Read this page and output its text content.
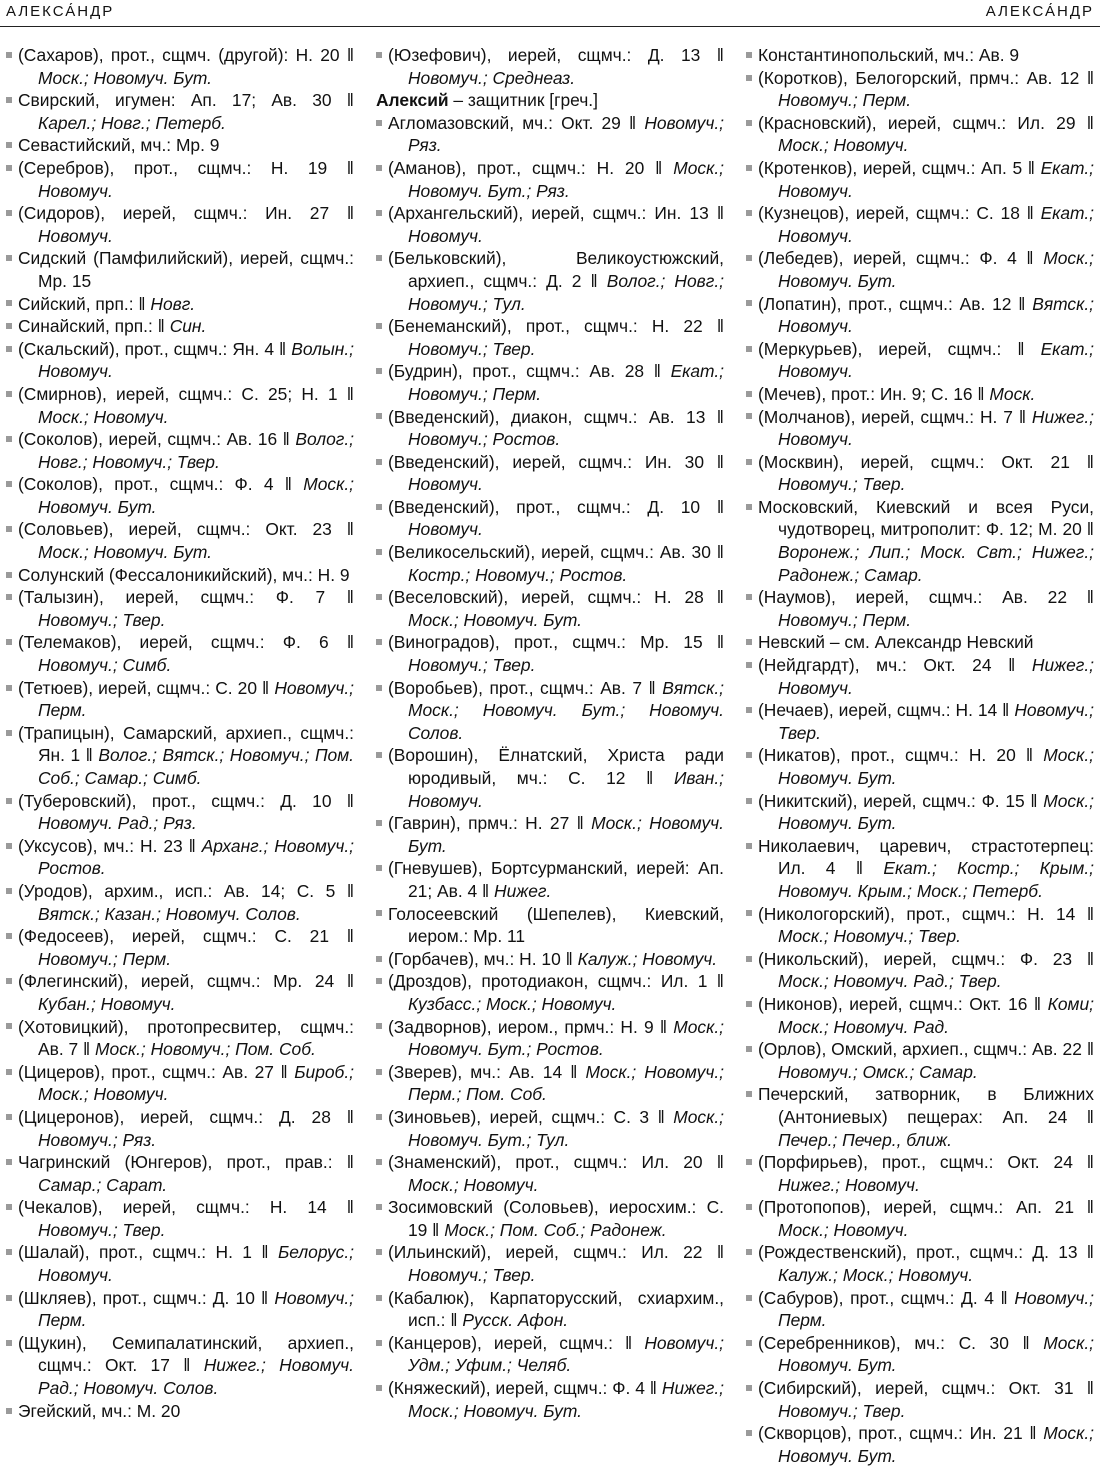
АЛЕКСА́НДР	АЛЕКСА́НДР

(Сахаров), прот., сщмч. (другой): Н. 20 ‖ Моск.; Новомуч. Бут.

Свирский, игумен: Ап. 17; Ав. 30 ‖ Карел.; Новг.; Петерб.

Севастийский, мч.: Мр. 9

(Серебров), прот., сщмч.: Н. 19 ‖ Новомуч.

(Сидоров), иерей, сщмч.: Ин. 27 ‖ Новомуч.

Сидский (Памфилийский), иерей, сщмч.: Мр. 15

Сийский, прп.: ‖ Новг.

Синайский, прп.: ‖ Син.

(Скальский), прот., сщмч.: Ян. 4 ‖ Волын.; Новомуч.

(Смирнов), иерей, сщмч.: С. 25; Н. 1 ‖ Моск.; Новомуч.

(Соколов), иерей, сщмч.: Ав. 16 ‖ Волог.; Новг.; Новомуч.; Твер.

(Соколов), прот., сщмч.: Ф. 4 ‖ Моск.; Новомуч. Бут.

(Соловьев), иерей, сщмч.: Окт. 23 ‖ Моск.; Новомуч. Бут.

Солунский (Фессалоникийский), мч.: Н. 9

(Талызин), иерей, сщмч.: Ф. 7 ‖ Новомуч.; Твер.

(Телемаков), иерей, сщмч.: Ф. 6 ‖ Новомуч.; Симб.

(Тетюев), иерей, сщмч.: С. 20 ‖ Новомуч.; Перм.

(Трапицын), Самарский, архиеп., сщмч.: Ян. 1 ‖ Волог.; Вятск.; Новомуч.; Пом. Соб.; Самар.; Симб.

(Туберовский), прот., сщмч.: Д. 10 ‖ Новомуч. Рад.; Ряз.

(Уксусов), мч.: Н. 23 ‖ Арханг.; Новомуч.; Ростов.

(Уродов), архим., исп.: Ав. 14; С. 5 ‖ Вятск.; Казан.; Новомуч. Солов.

(Федосеев), иерей, сщмч.: С. 21 ‖ Новомуч.; Перм.

(Флегинский), иерей, сщмч.: Мр. 24 ‖ Кубан.; Новомуч.

(Хотовицкий), протопресвитер, сщмч.: Ав. 7 ‖ Моск.; Новомуч.; Пом. Соб.

(Цицеров), прот., сщмч.: Ав. 27 ‖ Бироб.; Моск.; Новомуч.

(Цицеронов), иерей, сщмч.: Д. 28 ‖ Новомуч.; Ряз.

Чагринский (Юнгеров), прот., прав.: ‖ Самар.; Сарат.

(Чекалов), иерей, сщмч.: Н. 14 ‖ Новомуч.; Твер.

(Шалай), прот., сщмч.: Н. 1 ‖ Белорус.; Новомуч.

(Шкляев), прот., сщмч.: Д. 10 ‖ Новомуч.; Перм.

(Щукин), Семипалатинский, архиеп., сщмч.: Окт. 17 ‖ Нижег.; Новомуч. Рад.; Новомуч. Солов.

Эгейский, мч.: М. 20

(Юзефович), иерей, сщмч.: Д. 13 ‖ Новомуч.; Среднеаз.

Алексий – защитник [греч.]

Агломазовский, мч.: Окт. 29 ‖ Новомуч.; Ряз.

(Аманов), прот., сщмч.: Н. 20 ‖ Моск.; Новомуч. Бут.; Ряз.

(Архангельский), иерей, сщмч.: Ин. 13 ‖ Новомуч.

(Бельковский), Великоустюжский, архиеп., сщмч.: Д. 2 ‖ Волог.; Новг.; Новомуч.; Тул.

(Бенеманский), прот., сщмч.: Н. 22 ‖ Новомуч.; Твер.

(Будрин), прот., сщмч.: Ав. 28 ‖ Екат.; Новомуч.; Перм.

(Введенский), диакон, сщмч.: Ав. 13 ‖ Новомуч.; Ростов.

(Введенский), иерей, сщмч.: Ин. 30 ‖ Новомуч.

(Введенский), прот., сщмч.: Д. 10 ‖ Новомуч.

(Великосельский), иерей, сщмч.: Ав. 30 ‖ Костр.; Новомуч.; Ростов.

(Веселовский), иерей, сщмч.: Н. 28 ‖ Моск.; Новомуч. Бут.

(Виноградов), прот., сщмч.: Мр. 15 ‖ Новомуч.; Твер.

(Воробьев), прот., сщмч.: Ав. 7 ‖ Вятск.; Моск.; Новомуч. Бут.; Новомуч. Солов.

(Ворошин), Ёлнатский, Христа ради юродивый, мч.: С. 12 ‖ Иван.; Новомуч.

(Гаврин), прмч.: Н. 27 ‖ Моск.; Новомуч. Бут.

(Гневушев), Бортсурманский, иерей: Ап. 21; Ав. 4 ‖ Нижег.

Голосеевский (Шепелев), Киевский, иером.: Мр. 11

(Горбачев), мч.: Н. 10 ‖ Калуж.; Новомуч.

(Дроздов), протодиакон, сщмч.: Ил. 1 ‖ Кузбасс.; Моск.; Новомуч.

(Задворнов), иером., прмч.: Н. 9 ‖ Моск.; Новомуч. Бут.; Ростов.

(Зверев), мч.: Ав. 14 ‖ Моск.; Новомуч.; Перм.; Пом. Соб.

(Зиновьев), иерей, сщмч.: С. 3 ‖ Моск.; Новомуч. Бут.; Тул.

(Знаменский), прот., сщмч.: Ил. 20 ‖ Моск.; Новомуч.

Зосимовский (Соловьев), иеросхим.: С. 19 ‖ Моск.; Пом. Соб.; Радонеж.

(Ильинский), иерей, сщмч.: Ил. 22 ‖ Новомуч.; Твер.

(Кабалюк), Карпаторусский, схиархим., исп.: ‖ Русск. Афон.

(Канцеров), иерей, сщмч.: ‖ Новомуч.; Удм.; Уфим.; Челяб.

(Княжеский), иерей, сщмч.: Ф. 4 ‖ Нижег.; Моск.; Новомуч. Бут.

Константинопольский, мч.: Ав. 9

(Коротков), Белогорский, прмч.: Ав. 12 ‖ Новомуч.; Перм.

(Красновский), иерей, сщмч.: Ил. 29 ‖ Моск.; Новомуч.

(Кротенков), иерей, сщмч.: Ап. 5 ‖ Екат.; Новомуч.

(Кузнецов), иерей, сщмч.: С. 18 ‖ Екат.; Новомуч.

(Лебедев), иерей, сщмч.: Ф. 4 ‖ Моск.; Новомуч. Бут.

(Лопатин), прот., сщмч.: Ав. 12 ‖ Вятск.; Новомуч.

(Меркурьев), иерей, сщмч.: ‖ Екат.; Новомуч.

(Мечев), прот.: Ин. 9; С. 16 ‖ Моск.

(Молчанов), иерей, сщмч.: Н. 7 ‖ Нижег.; Новомуч.

(Москвин), иерей, сщмч.: Окт. 21 ‖ Новомуч.; Твер.

Московский, Киевский и всея Руси, чудотворец, митрополит: Ф. 12; М. 20 ‖ Воронеж.; Лип.; Моск. Свт.; Нижег.; Радонеж.; Самар.

(Наумов), иерей, сщмч.: Ав. 22 ‖ Новомуч.; Перм.

Невский – см. Александр Невский

(Нейдгардт), мч.: Окт. 24 ‖ Нижег.; Новомуч.

(Нечаев), иерей, сщмч.: Н. 14 ‖ Новомуч.; Твер.

(Никатов), прот., сщмч.: Н. 20 ‖ Моск.; Новомуч. Бут.

(Никитский), иерей, сщмч.: Ф. 15 ‖ Моск.; Новомуч. Бут.

Николаевич, царевич, страстотерпец: Ил. 4 ‖ Екат.; Костр.; Крым.; Новомуч. Крым.; Моск.; Петерб.

(Никологорский), прот., сщмч.: Н. 14 ‖ Моск.; Новомуч.; Твер.

(Никольский), иерей, сщмч.: Ф. 23 ‖ Моск.; Новомуч. Рад.; Твер.

(Никонов), иерей, сщмч.: Окт. 16 ‖ Коми; Моск.; Новомуч. Рад.

(Орлов), Омский, архиеп., сщмч.: Ав. 22 ‖ Новомуч.; Омск.; Самар.

Печерский, затворник, в Ближних (Антониевых) пещерах: Ап. 24 ‖ Печер.; Печер., ближ.

(Порфирьев), прот., сщмч.: Окт. 24 ‖ Нижег.; Новомуч.

(Протопопов), иерей, сщмч.: Ап. 21 ‖ Моск.; Новомуч.

(Рождественский), прот., сщмч.: Д. 13 ‖ Калуж.; Моск.; Новомуч.

(Сабуров), прот., сщмч.: Д. 4 ‖ Новомуч.; Перм.

(Серебренников), мч.: С. 30 ‖ Моск.; Новомуч. Бут.

(Сибирский), иерей, сщмч.: Окт. 31 ‖ Новомуч.; Твер.

(Скворцов), прот., сщмч.: Ин. 21 ‖ Моск.; Новомуч. Бут.
